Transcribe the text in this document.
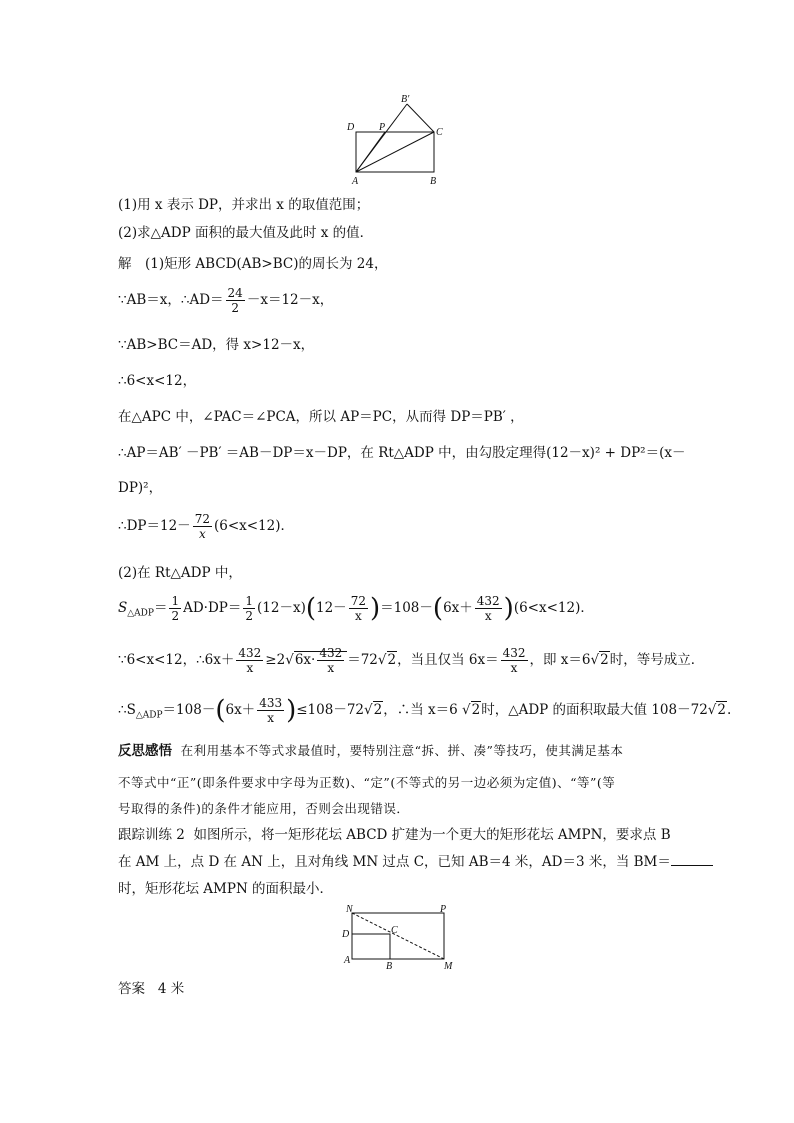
B′
D P	C
A	B
(1)用 x 表示 DP，并求出 x 的取值范围；
(2)求△ADP 面积的最大值及此时 x 的值．
解　(1)矩形 ABCD(AB>BC)的周长为 24，
∵AB＝x，∴AD＝ $\frac{24}{2} -x=12-x$，
∵AB>BC＝AD，得 x>12－x，
∴6<x<12，
在△APC 中，∠PAC＝∠PCA，所以 AP＝PC，从而得 DP＝PB′ ，
∴AP＝AB′ －PB′ ＝AB－DP＝x－DP，在 Rt△ADP 中，由勾股定理得(12－x)² + DP²＝(x－
DP)²，
∴DP＝12－ $\frac{72}{x} (6<x<12)$．
(2)在 Rt△ADP 中，
$S_{\triangle ADP}= \frac{1}{2} AD\cdot DP= \frac{1}{2} (12-x)(12- \frac{72}{x} )=108-(6x+ \frac{432}{x} )(6<x<12)$．
∵6<x<12，∴6x＋ $\frac{432}{x} \ge 2√6x\cdot \frac{432}{x} =72√2$，当且仅当 $6x= \frac{432}{x}$ ，即 x＝6√2时，等号成立．
$\therefore S_{\triangle ADP}=108-(6x+ \frac{433}{x} )\le 108-72√2$，∴当 x＝6 √2时，△ADP 的面积取最大值 108－72√2.
反思感悟 在利用基本不等式求最值时，要特别注意“拆、拼、凑”等技巧，使其满足基本
不等式中“正”(即条件要求中字母为正数)、“定”(不等式的另一边必须为定值)、“等”(等
号取得的条件)的条件才能应用，否则会出现错误．
跟踪训练 2 如图所示，将一矩形花坛 ABCD 扩建为一个更大的矩形花坛 AMPN，要求点 B
在 AM 上，点 D 在 AN 上，且对角线 MN 过点 C，已知 AB＝4 米，AD＝3 米，当 BM＝
时，矩形花坛 AMPN 的面积最小．
N	P
D	C
A
B	M
答案 4 米
